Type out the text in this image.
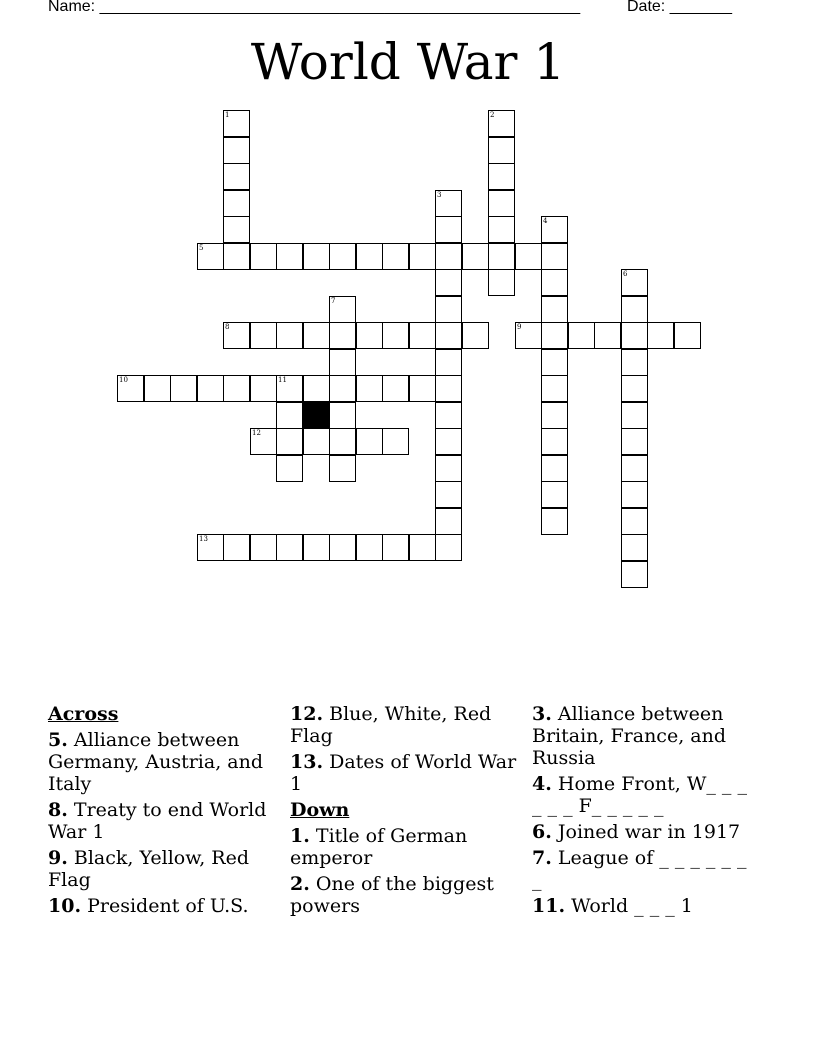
Name: ______________________________________________________	Date: _______
World War 1
1	2
3
4
5
6
7
8	9
10	11
12
13
Across

5. Alliance between Germany, Austria, and Italy

8. Treaty to end World War 1

9. Black, Yellow, Red Flag

10. President of U.S.

12. Blue, White, Red Flag

13. Dates of World War 1

Down

1. Title of German emperor

2. One of the biggest powers

3. Alliance between Britain, France, and Russia

4. Home Front, W_ _ _ _ _ _ F_ _ _ _ _

6. Joined war in 1917

7. League of _ _ _ _ _ _ _

11. World _ _ _ 1
